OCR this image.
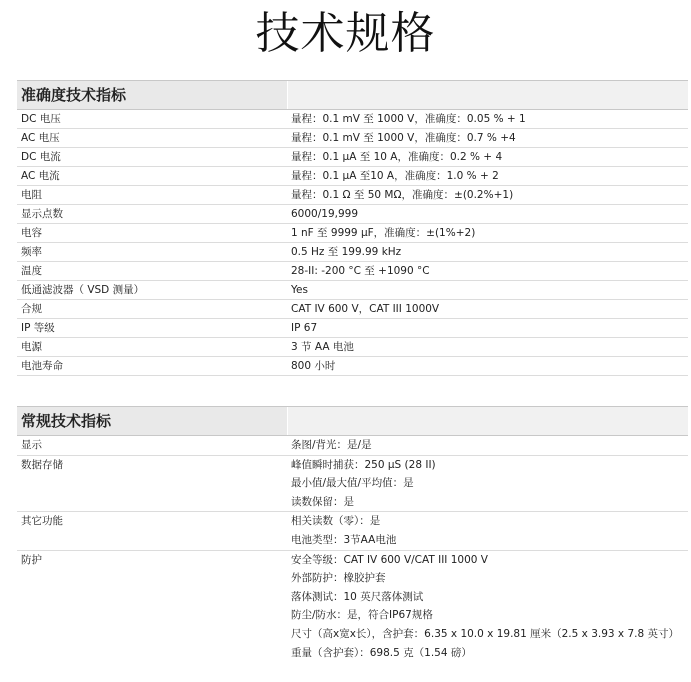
技术规格
准确度技术指标
DC 电压	量程：0.1 mV 至 1000 V，准确度：0.05 % + 1
AC 电压	量程：0.1 mV 至 1000 V，准确度：0.7 % +4
DC 电流	量程：0.1 µA 至 10 A，准确度：0.2 % + 4
AC 电流	量程：0.1 µA 至10 A，准确度：1.0 % + 2
电阻	量程：0.1 Ω 至 50 MΩ，准确度：±(0.2%+1)
显示点数	6000/19,999
电容	1 nF 至 9999 µF，准确度：±(1%+2)
频率	0.5 Hz 至 199.99 kHz
温度	28-II: -200 °C 至 +1090 °C
低通滤波器（ VSD 测量）	Yes
合规	CAT IV 600 V，CAT III 1000V
IP 等级	IP 67
电源	3 节 AA 电池
电池寿命	800 小时
常规技术指标
显示	条图/背光：是/是
数据存储	峰值瞬时捕获：250 µS (28 II)
最小值/最大值/平均值：是
读数保留：是
其它功能	相关读数（零）：是
电池类型：3节AA电池
防护	安全等级：CAT IV 600 V/CAT III 1000 V
外部防护：橡胶护套
落体测试：10 英尺落体测试
防尘/防水：是，符合IP67规格
尺寸（高x宽x长），含护套：6.35 x 10.0 x 19.81 厘米（2.5 x 3.93 x 7.8 英寸）
重量（含护套）：698.5 克（1.54 磅）
